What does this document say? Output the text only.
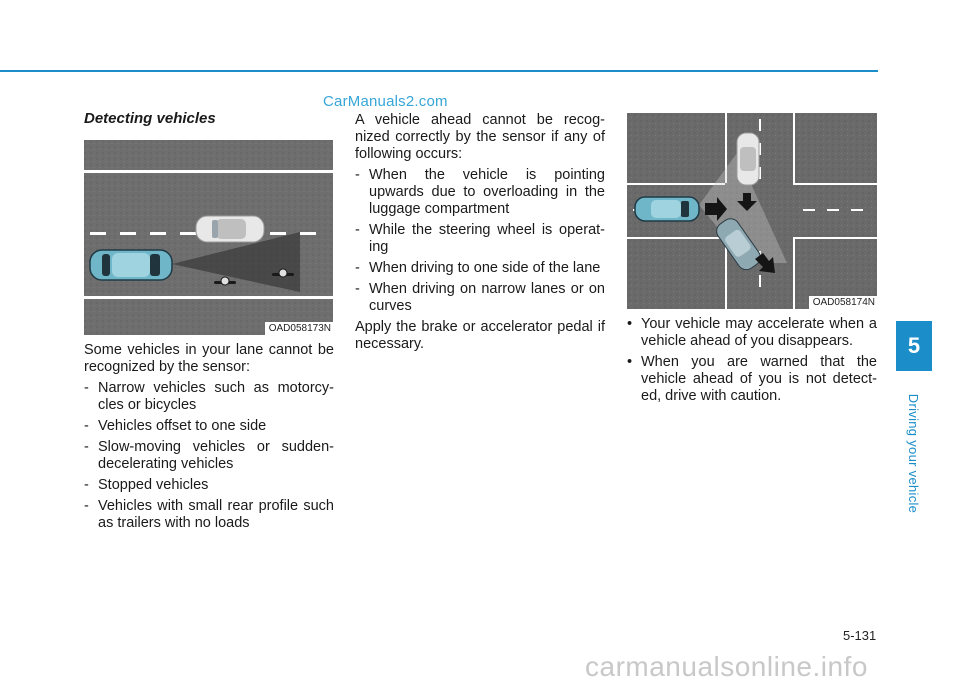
CarManuals2.com
Detecting vehicles
OAD058173N

Some vehicles in your lane cannot be recognized by the sensor:

- Narrow vehicles such as motorcy- cles or bicycles
- Vehicles offset to one side
- Slow-moving vehicles or sudden- decelerating vehicles
- Stopped vehicles
- Vehicles with small rear profile such as trailers with no loads

A vehicle ahead cannot be recog- nized correctly by the sensor if any of following occurs:

- When the vehicle is pointing upwards due to overloading in the luggage compartment
- While the steering wheel is operat- ing
- When driving to one side of the lane
- When driving on narrow lanes or on curves

Apply the brake or accelerator pedal if necessary.

OAD058174N
• Your vehicle may accelerate when a vehicle ahead of you disappears.
• When you are warned that the vehicle ahead of you is not detect- ed, drive with caution.
5
Driving your vehicle
5-131
carmanualsonline.info
